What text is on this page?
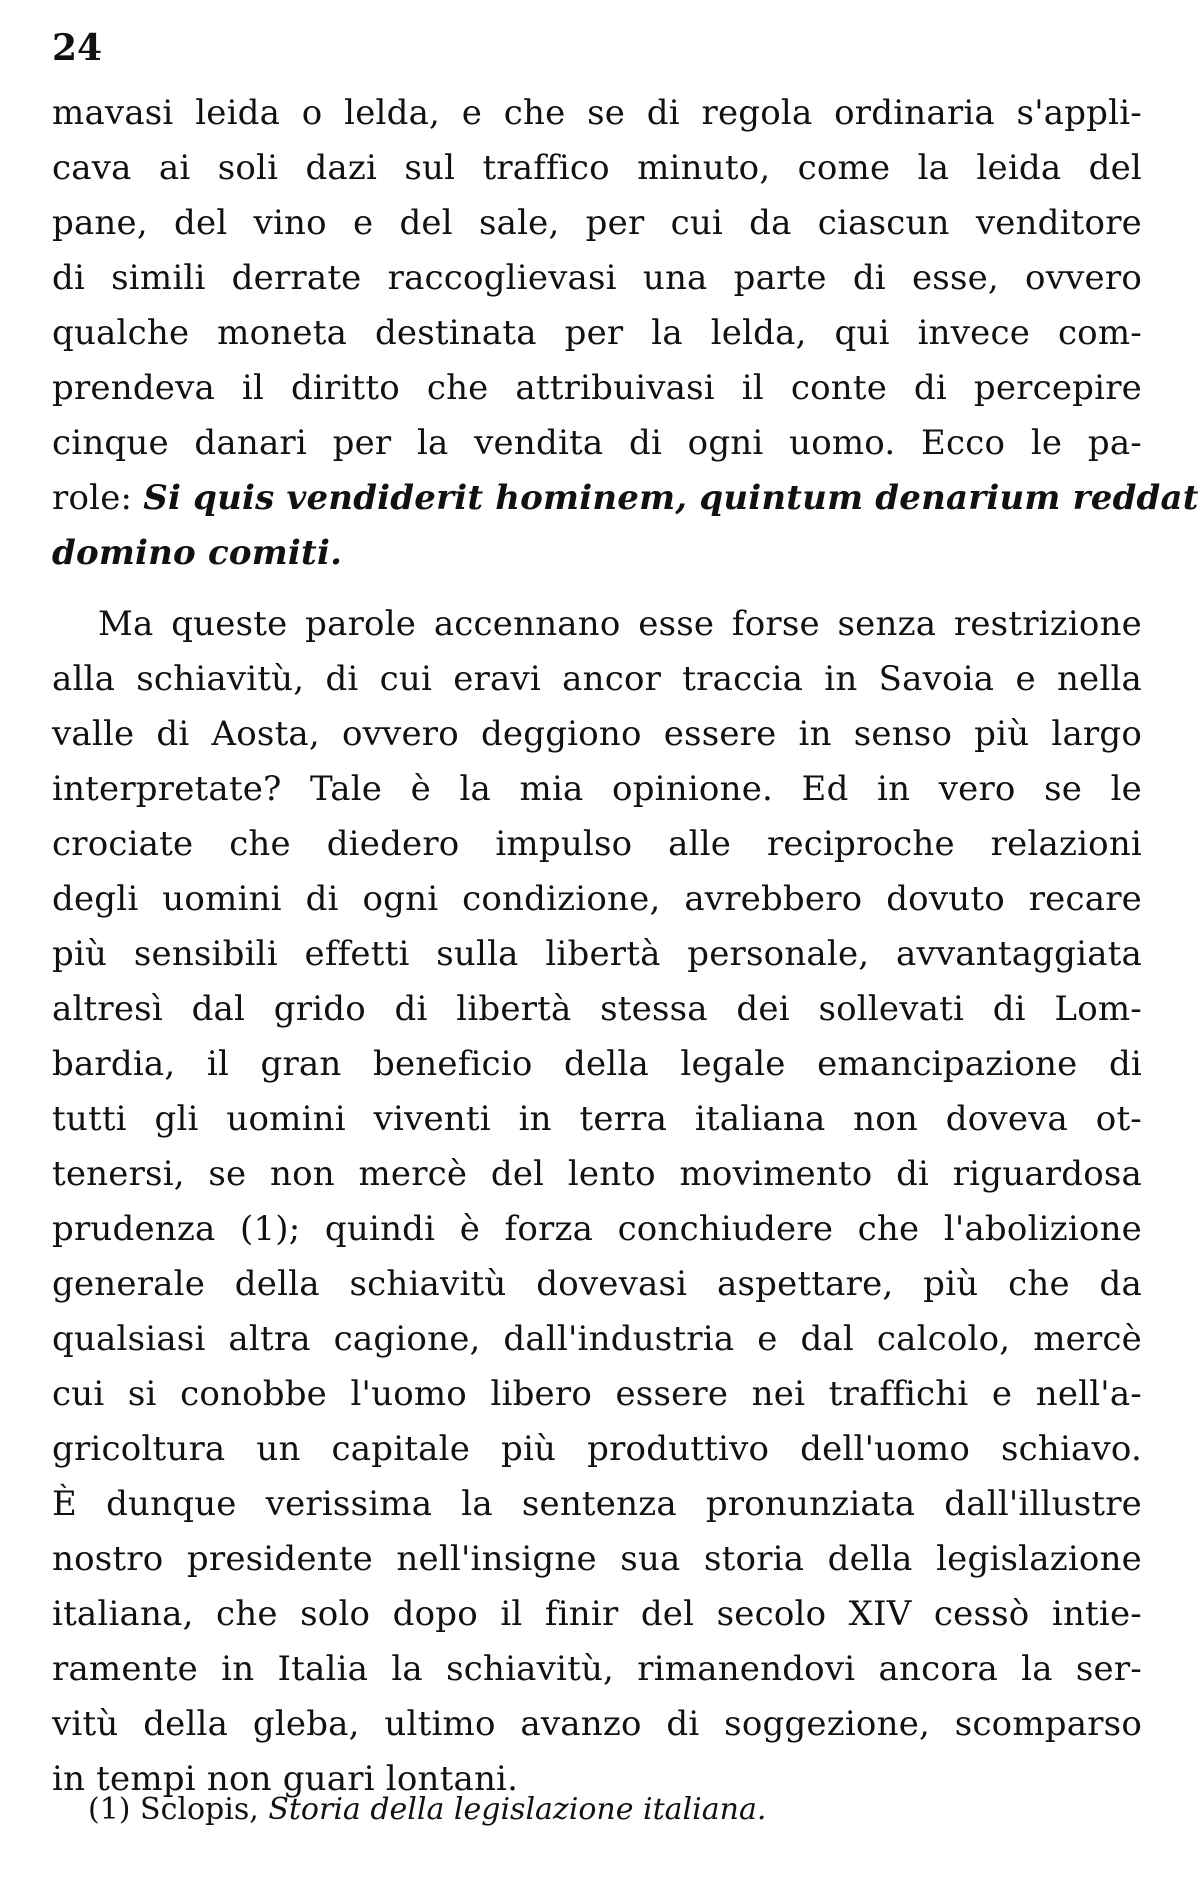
24
mavasi leida o lelda, e che se di regola ordinaria s'appli-
cava ai soli dazi sul traffico minuto, come la leida del
pane, del vino e del sale, per cui da ciascun venditore
di simili derrate raccoglievasi una parte di esse, ovvero
qualche moneta destinata per la lelda, qui invece com-
prendeva il diritto che attribuivasi il conte di percepire
cinque danari per la vendita di ogni uomo. Ecco le pa-
role: Si quis vendiderit hominem, quintum denarium reddat
domino comiti.
Ma queste parole accennano esse forse senza restrizione
alla schiavitù, di cui eravi ancor traccia in Savoia e nella
valle di Aosta, ovvero deggiono essere in senso più largo
interpretate? Tale è la mia opinione. Ed in vero se le
crociate che diedero impulso alle reciproche relazioni
degli uomini di ogni condizione, avrebbero dovuto recare
più sensibili effetti sulla libertà personale, avvantaggiata
altresì dal grido di libertà stessa dei sollevati di Lom-
bardia, il gran beneficio della legale emancipazione di
tutti gli uomini viventi in terra italiana non doveva ot-
tenersi, se non mercè del lento movimento di riguardosa
prudenza (1); quindi è forza conchiudere che l'abolizione
generale della schiavitù dovevasi aspettare, più che da
qualsiasi altra cagione, dall'industria e dal calcolo, mercè
cui si conobbe l'uomo libero essere nei traffichi e nell'a-
gricoltura un capitale più produttivo dell'uomo schiavo.
È dunque verissima la sentenza pronunziata dall'illustre
nostro presidente nell'insigne sua storia della legislazione
italiana, che solo dopo il finir del secolo XIV cessò intie-
ramente in Italia la schiavitù, rimanendovi ancora la ser-
vitù della gleba, ultimo avanzo di soggezione, scomparso
in tempi non guari lontani.
(1) Sclopis, Storia della legislazione italiana.
